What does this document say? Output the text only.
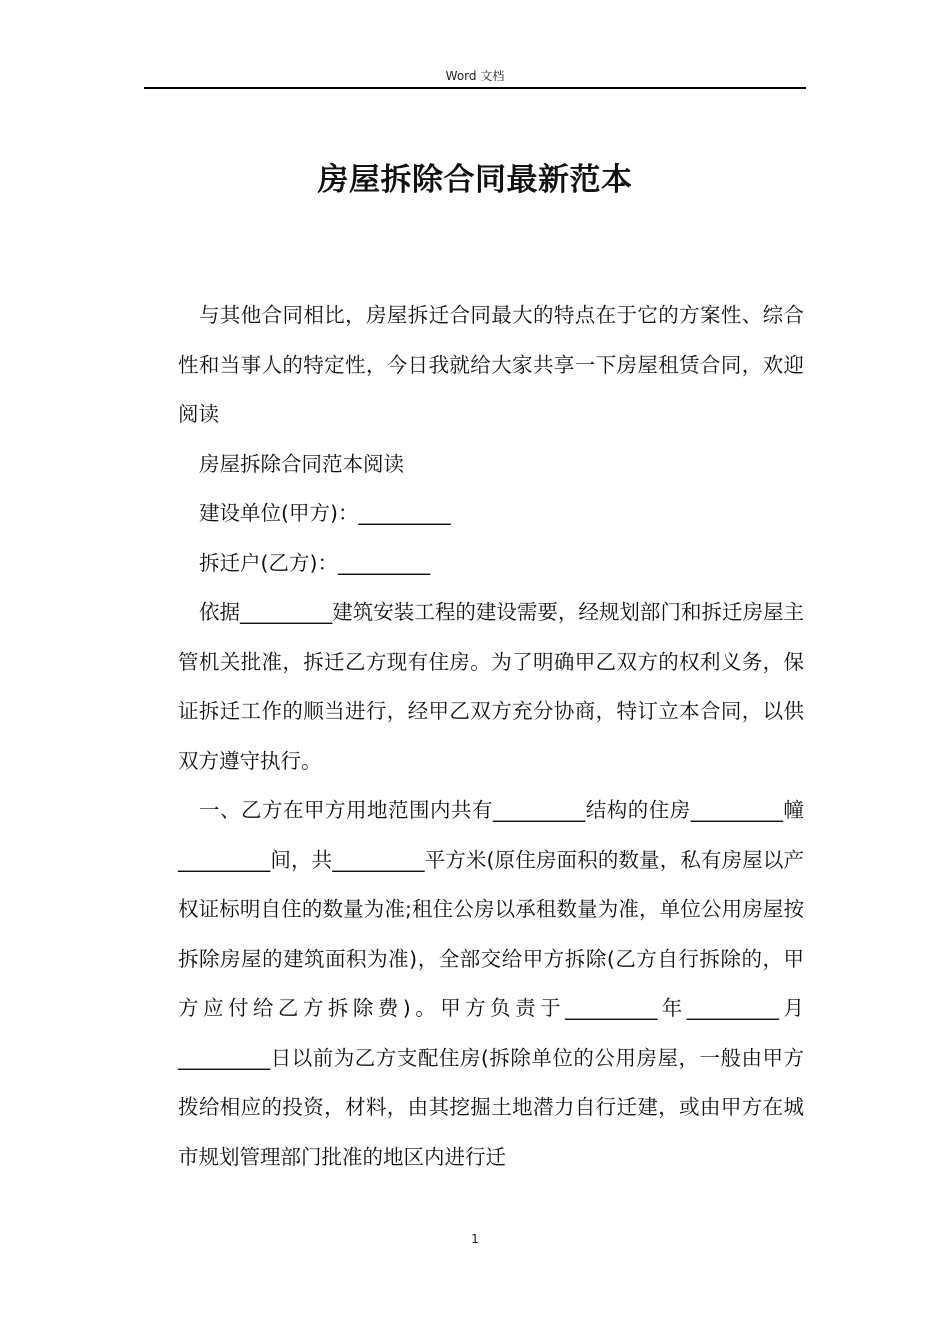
Word 文档
房屋拆除合同最新范本

与其他合同相比，房屋拆迁合同最大的特点在于它的方案性、综合性和当事人的特定性，今日我就给大家共享一下房屋租赁合同，欢迎阅读

房屋拆除合同范本阅读

建设单位(甲方)：_________

拆迁户(乙方)：_________

依据_________建筑安装工程的建设需要，经规划部门和拆迁房屋主管机关批准，拆迁乙方现有住房。为了明确甲乙双方的权利义务，保证拆迁工作的顺当进行，经甲乙双方充分协商，特订立本合同，以供双方遵守执行。

一、乙方在甲方用地范围内共有_________结构的住房_________幢_________间，共_________平方米(原住房面积的数量，私有房屋以产权证标明自住的数量为准;租住公房以承租数量为准，单位公用房屋按拆除房屋的建筑面积为准)，全部交给甲方拆除(乙方自行拆除的，甲方应付给乙方拆除费)。甲方负责于_________年_________月_________日以前为乙方支配住房(拆除单位的公用房屋，一般由甲方拨给相应的投资，材料，由其挖掘土地潜力自行迁建，或由甲方在城市规划管理部门批准的地区内进行迁

1
